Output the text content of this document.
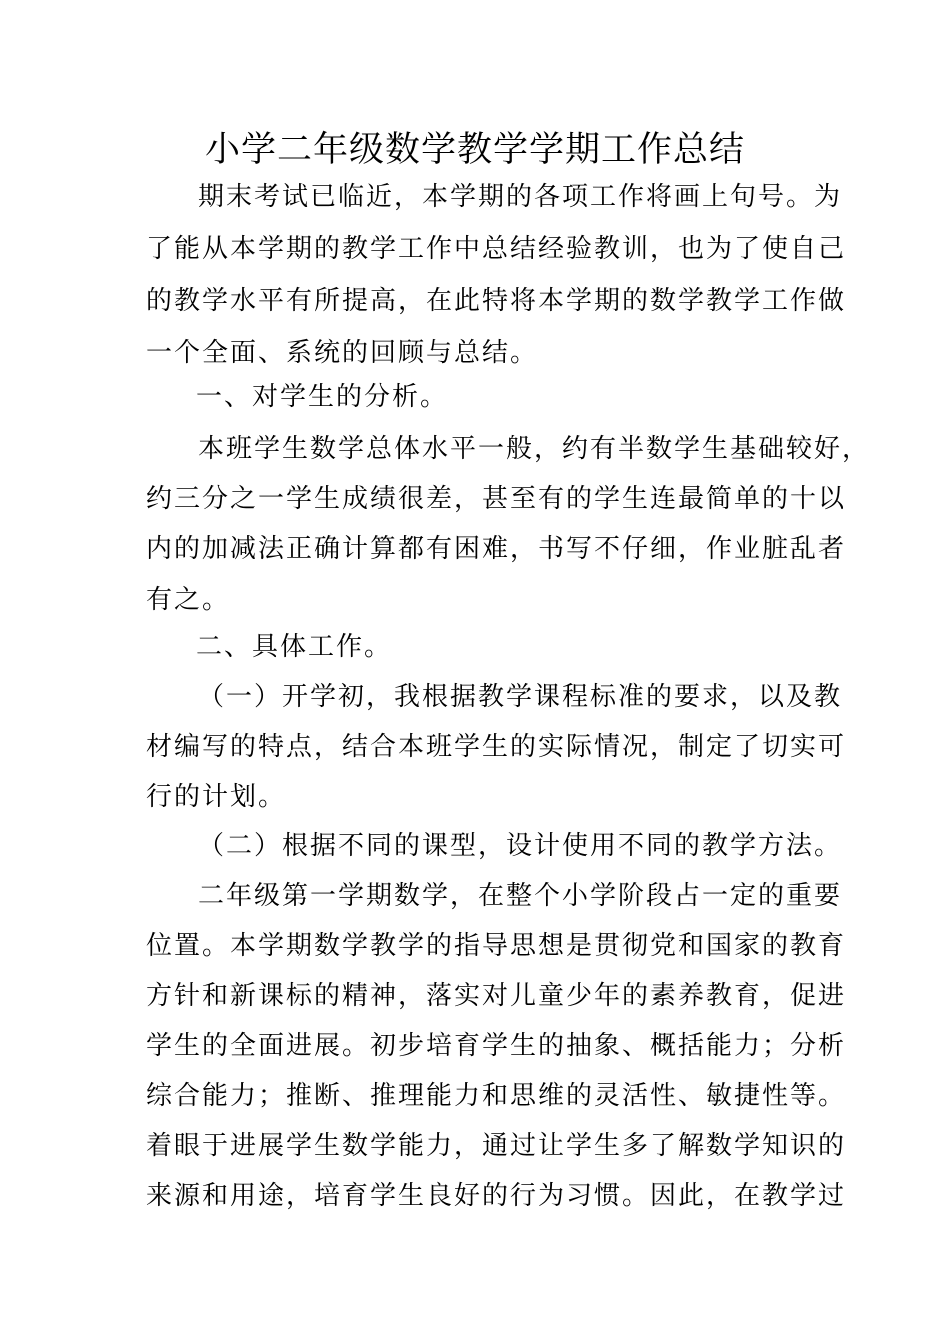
小学二年级数学教学学期工作总结
期末考试已临近，本学期的各项工作将画上句号。为
了能从本学期的教学工作中总结经验教训，也为了使自己
的教学水平有所提高，在此特将本学期的数学教学工作做
一个全面、系统的回顾与总结。
一、对学生的分析。
本班学生数学总体水平一般，约有半数学生基础较好，
约三分之一学生成绩很差，甚至有的学生连最简单的十以
内的加减法正确计算都有困难，书写不仔细，作业脏乱者
有之。
二、具体工作。
（一）开学初，我根据教学课程标准的要求，以及教
材编写的特点，结合本班学生的实际情况，制定了切实可
行的计划。
（二）根据不同的课型，设计使用不同的教学方法。
二年级第一学期数学，在整个小学阶段占一定的重要
位置。本学期数学教学的指导思想是贯彻党和国家的教育
方针和新课标的精神，落实对儿童少年的素养教育，促进
学生的全面进展。初步培育学生的抽象、概括能力；分析
综合能力；推断、推理能力和思维的灵活性、敏捷性等。
着眼于进展学生数学能力，通过让学生多了解数学知识的
来源和用途，培育学生良好的行为习惯。因此，在教学过
